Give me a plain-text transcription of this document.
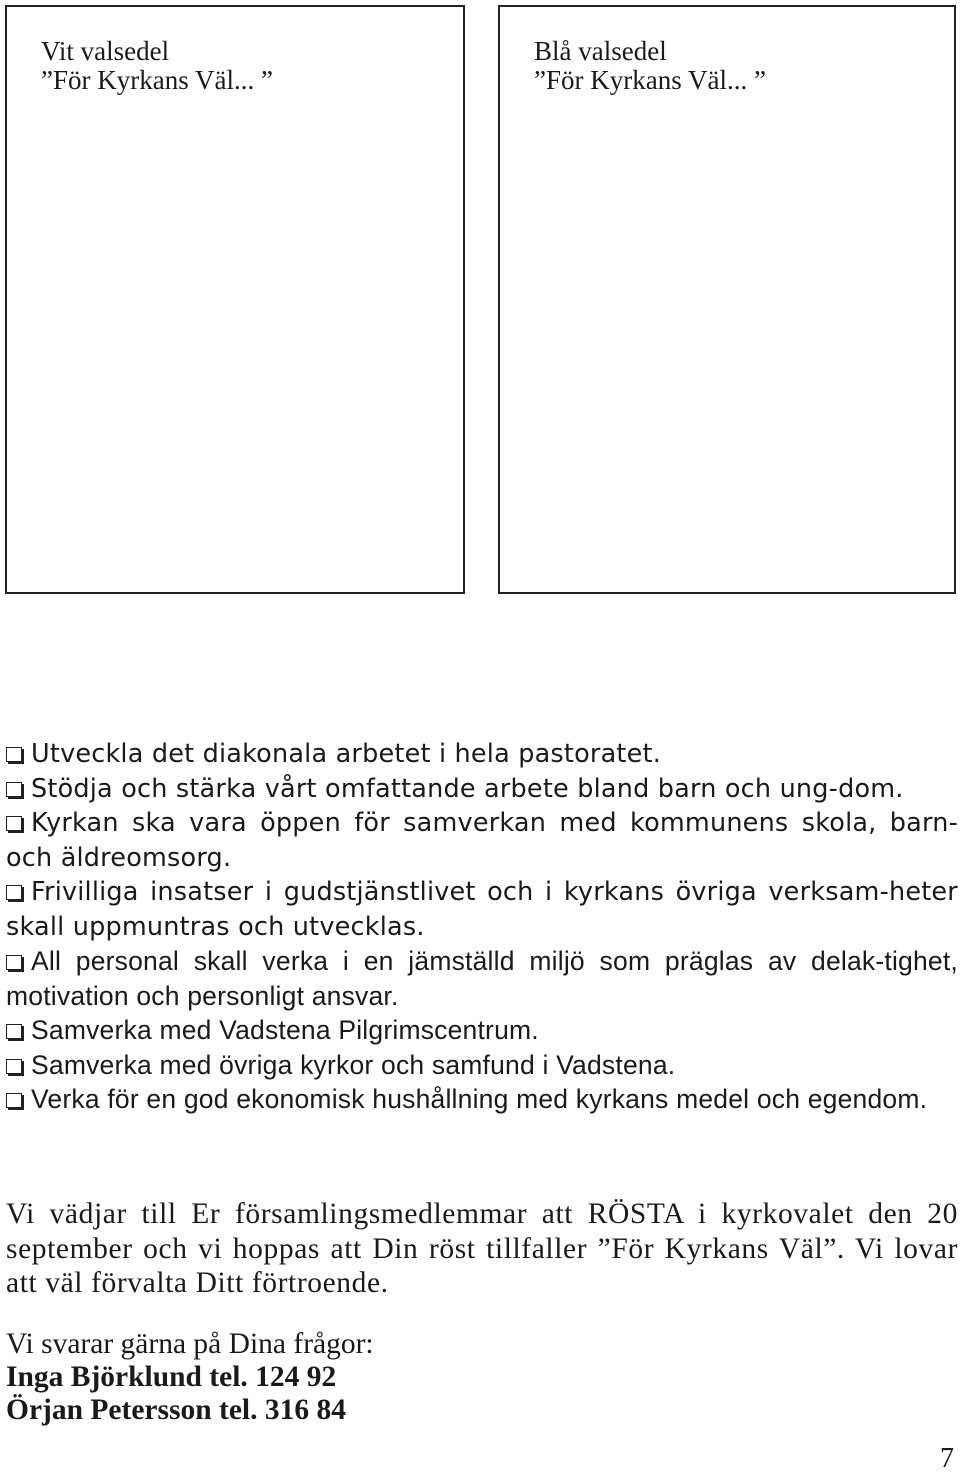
Vit valsedel
”För Kyrkans Väl... ”
Blå valsedel
”För Kyrkans Väl... ”
Utveckla det diakonala arbetet i hela pastoratet.
Stödja och stärka vårt omfattande arbete bland barn och ung-dom.
Kyrkan ska vara öppen för samverkan med kommunens skola, barn- och äldreomsorg.
Frivilliga insatser i gudstjänstlivet och i kyrkans övriga verksam-heter skall uppmuntras och utvecklas.
All personal skall verka i en jämställd miljö som präglas av delak-tighet, motivation och personligt ansvar.
Samverka med Vadstena Pilgrimscentrum.
Samverka med övriga kyrkor och samfund i Vadstena.
Verka för en god ekonomisk hushållning med kyrkans medel och egendom.

Vi vädjar till Er församlingsmedlemmar att RÖSTA i kyrkovalet den 20 september och vi hoppas att Din röst tillfaller ”För Kyrkans Väl”. Vi lovar att väl förvalta Ditt förtroende.

Vi svarar gärna på Dina frågor:
Inga Björklund tel. 124 92
Örjan Petersson tel. 316 84
7
